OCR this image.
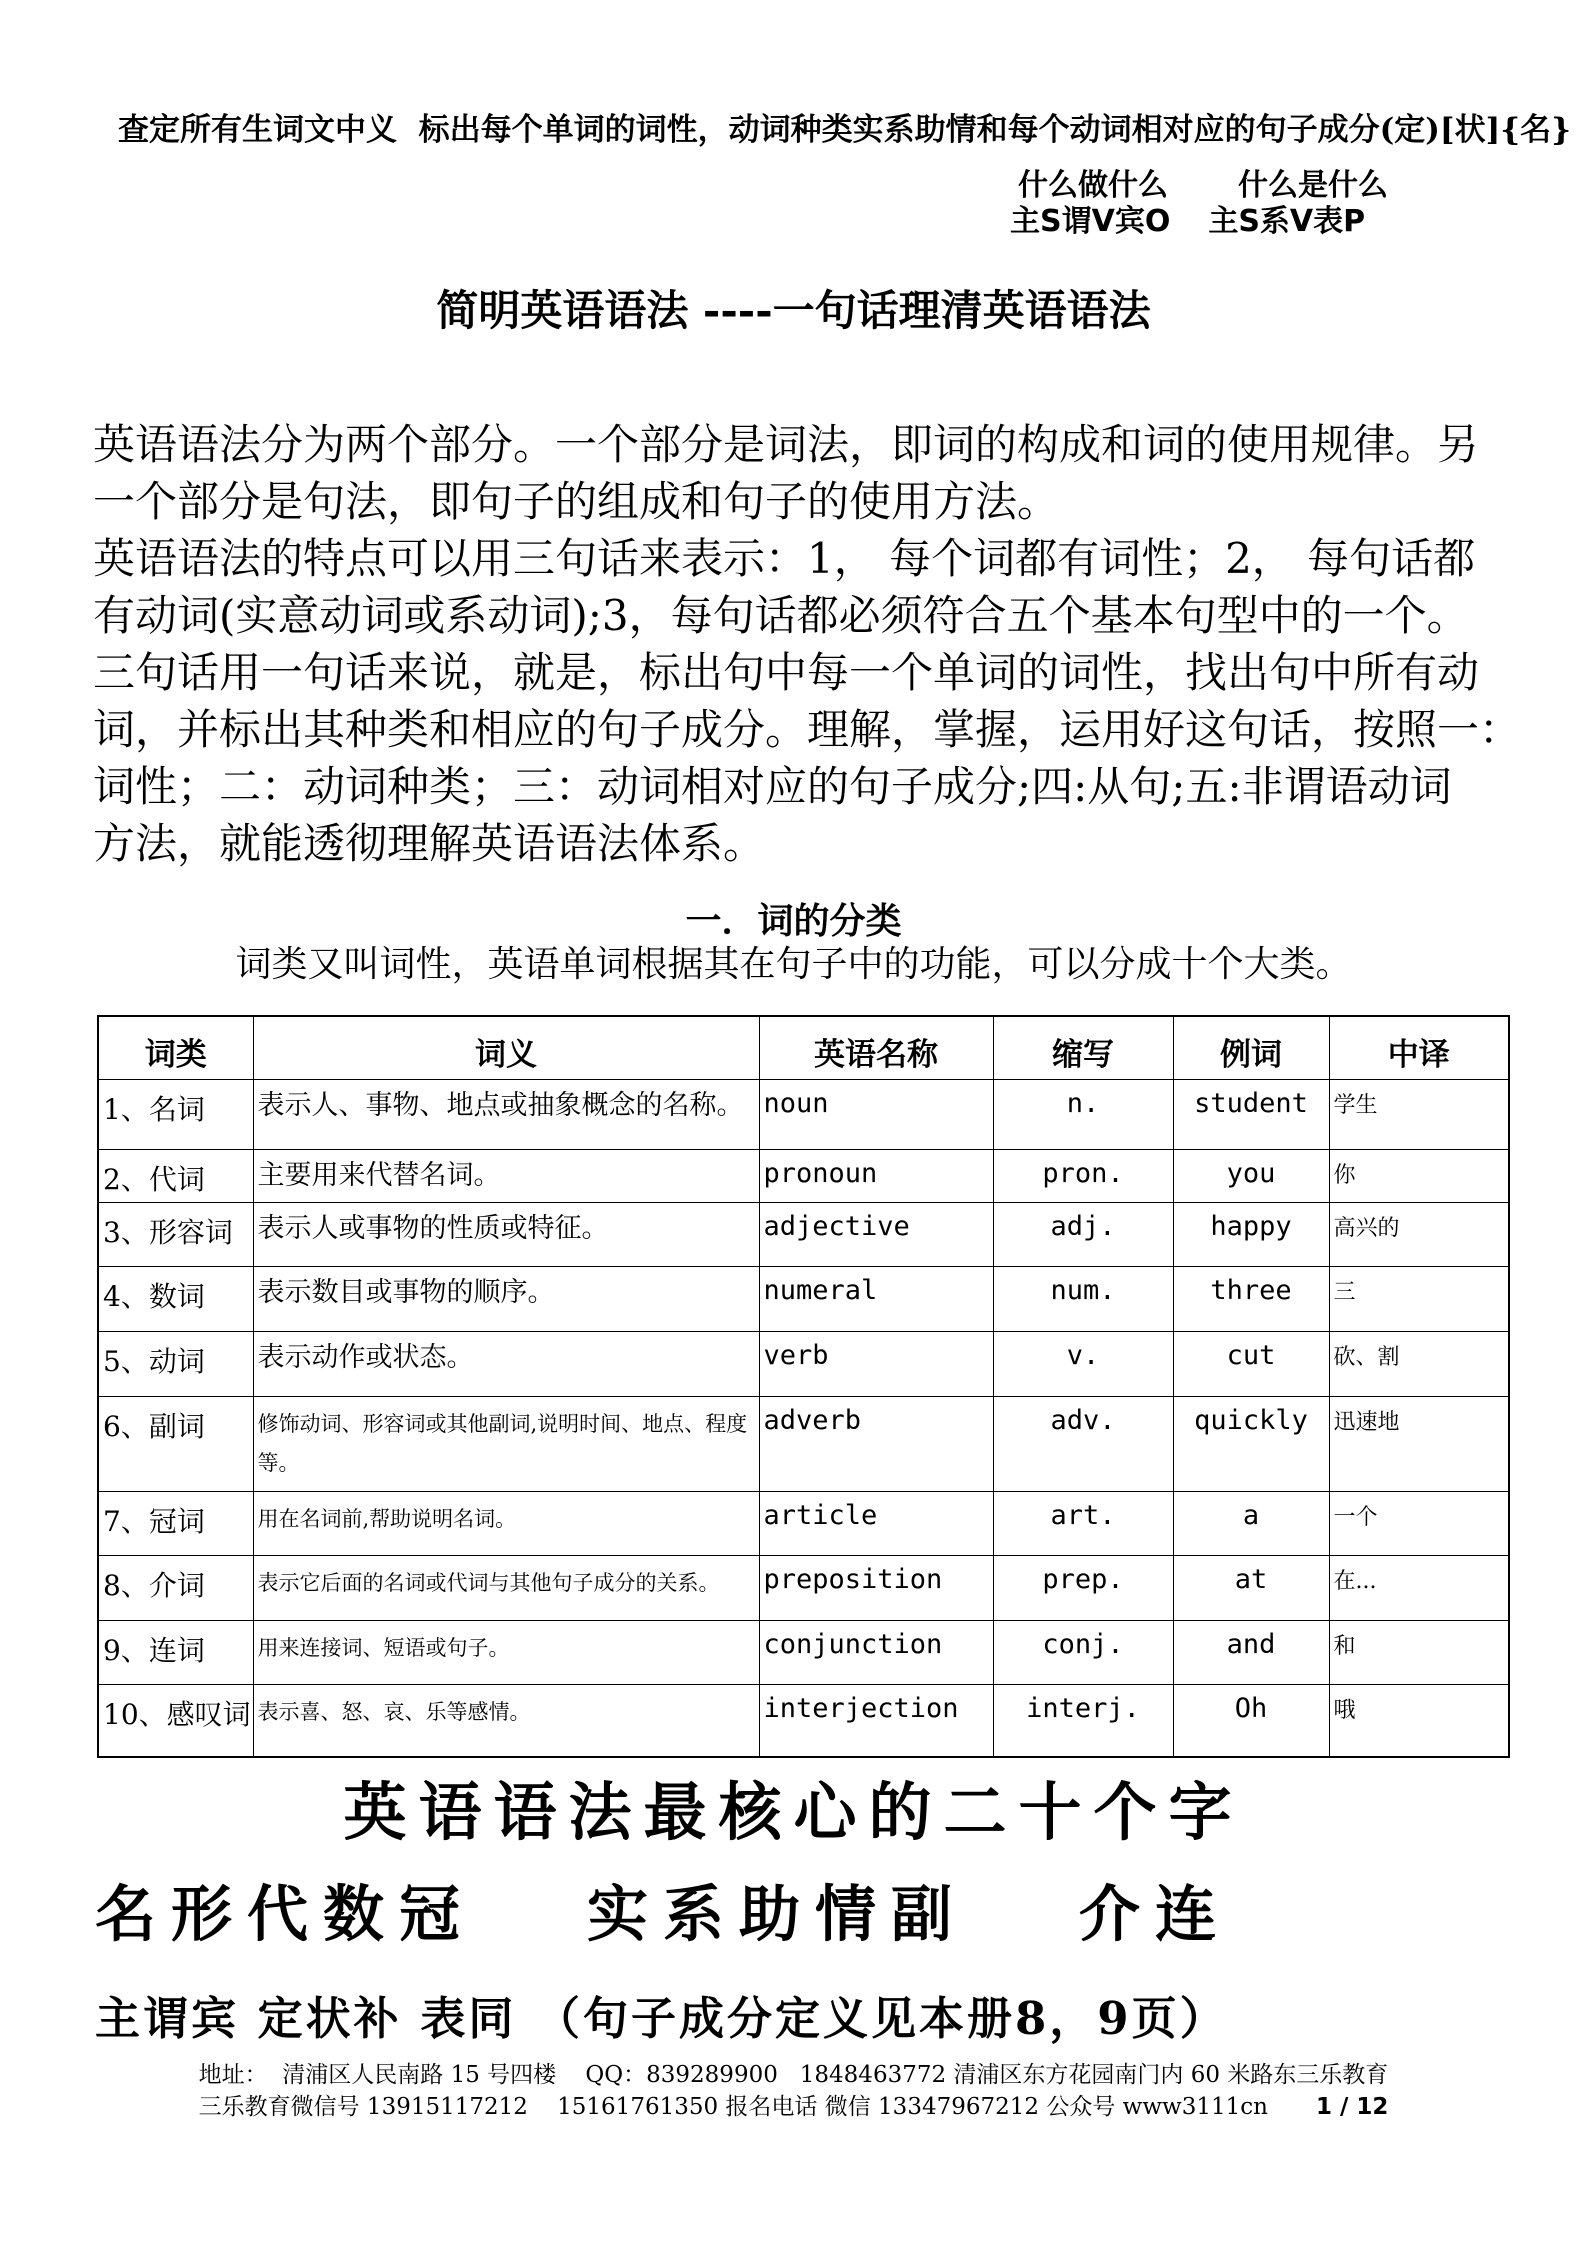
查定所有生词文中义  标出每个单词的词性，动词种类实系助情和每个动词相对应的句子成分(定)[状]{名}
什么做什么 什么是什么
主S谓V宾O 主S系V表P
简明英语语法 ----一句话理清英语语法
英语语法分为两个部分。一个部分是词法，即词的构成和词的使用规律。另
一个部分是句法，即句子的组成和句子的使用方法。
英语语法的特点可以用三句话来表示：1， 每个词都有词性；2， 每句话都
有动词(实意动词或系动词);3，每句话都必须符合五个基本句型中的一个。
三句话用一句话来说，就是，标出句中每一个单词的词性，找出句中所有动
词，并标出其种类和相应的句子成分。理解，掌握，运用好这句话，按照一：
词性；二：动词种类；三：动词相对应的句子成分;四:从句;五:非谓语动词
方法，就能透彻理解英语语法体系。
一．词的分类
词类又叫词性，英语单词根据其在句子中的功能，可以分成十个大类。
词类	词义	英语名称	缩写	例词	中译
1、名词	表示人、事物、地点或抽象概念的名称。	noun	n.	student	学生
2、代词	主要用来代替名词。	pronoun	pron.	you	你
3、形容词	表示人或事物的性质或特征。	adjective	adj.	happy	高兴的
4、数词	表示数目或事物的顺序。	numeral	num.	three	三
5、动词	表示动作或状态。	verb	v.	cut	砍、割
6、副词	修饰动词、形容词或其他副词,说明时间、地点、程度等。	adverb	adv.	quickly	迅速地
7、冠词	用在名词前,帮助说明名词。	article	art.	a	一个
8、介词	表示它后面的名词或代词与其他句子成分的关系。	preposition	prep.	at	在...
9、连词	用来连接词、短语或句子。	conjunction	conj.	and	和
10、感叹词	表示喜、怒、哀、乐等感情。	interjection	interj.	Oh	哦
英语语法最核心的二十个字
名形代数冠 实系助情副 介连
主谓宾 定状补 表同 （句子成分定义见本册8，9页）
地址：  清浦区人民南路 15 号四楼    QQ：839289900   1848463772 清浦区东方花园南门内 60 米路东三乐教育
三乐教育微信号 13915117212    15161761350 报名电话 微信 13347967212 公众号 www3111cn 1 / 12
